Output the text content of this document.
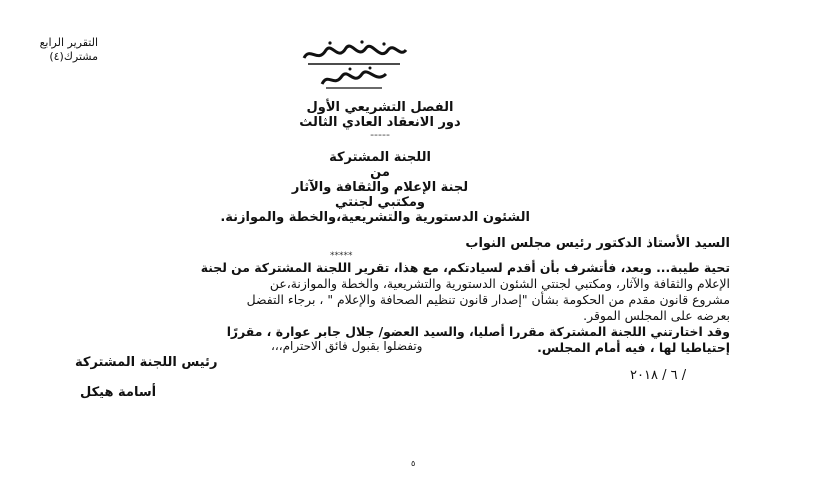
التقرير الرابع
مشترك(٤)
الفصل التشريعي الأول
دور الانعقاد العادي الثالث
-----
اللجنة المشتركة
من
لجنة الإعلام والثقافة والآثار
ومكتبي لجنتي
الشئون الدستورية والتشريعية،والخطة والموازنة.
السيد الأستاذ الدكتور رئيس مجلس النواب
*****
تحية طيبة... وبعد، فأتشرف بأن أقدم لسيادتكم، مع هذا، تقرير اللجنة المشتركة من لجنة
الإعلام والثقافة والآثار، ومكتبي لجنتي الشئون الدستورية والتشريعية، والخطة والموازنة،عن
مشروع قانون مقدم من الحكومة بشأن "إصدار قانون تنظيم الصحافة والإعلام " ، برجاء التفضل
بعرضه على المجلس الموقر.
وقد اختارتني اللجنة المشتركة مقررا أصليا، والسيد العضو/ جلال جابر عوارة ، مقررًا
إحتياطيا لها ، فيه أمام المجلس.
وتفضلوا بقبول فائق الاحترام،،،
رئيس اللجنة المشتركة
/ ٦ / ٢٠١٨
أسامة هيكل
٥
